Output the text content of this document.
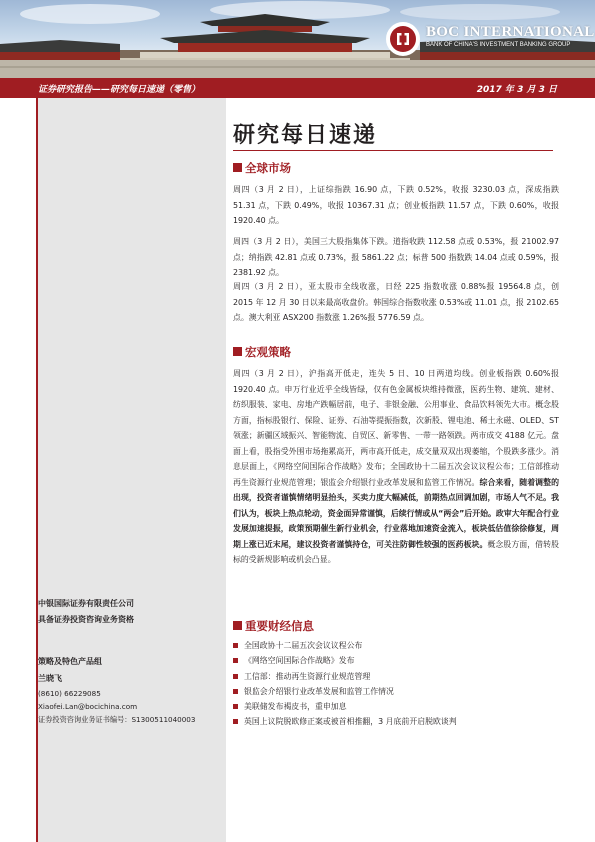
BOC INTERNATIONAL
BANK OF CHINA'S INVESTMENT BANKING GROUP
证券研究报告——研究每日速递（零售）	2017 年 3 月 3 日
中银国际证券有限责任公司
具备证券投资咨询业务资格
策略及特色产品组
兰晓飞
(8610) 66229085
Xiaofei.Lan@bocichina.com
证券投资咨询业务证书编号：S1300511040003
研究每日速递
全球市场

周四（3 月 2 日），上证综指跌 16.90 点，下跌 0.52%，收报 3230.03 点，深成指跌 51.31 点，下跌 0.49%，收报 10367.31 点；创业板指跌 11.57 点，下跌 0.60%，收报 1920.40 点。

周四（3 月 2 日），美国三大股指集体下跌。道指收跌 112.58 点或 0.53%，报 21002.97 点；纳指跌 42.81 点或 0.73%，报 5861.22 点；标普 500 指数跌 14.04 点或 0.59%，报 2381.92 点。

周四（3 月 2 日），亚太股市全线收涨，日经 225 指数收涨 0.88%报 19564.8 点，创 2015 年 12 月 30 日以来最高收盘价。韩国综合指数收涨 0.53%或 11.01 点，报 2102.65 点。澳大利亚 ASX200 指数涨 1.26%报 5776.59 点。

宏观策略

周四（3 月 2 日），沪指高开低走，连失 5 日、10 日两道均线。创业板指跌 0.60%报 1920.40 点。申万行业近乎全线皆绿，仅有色金属板块维持微涨，医药生物、建筑、建材、纺织服装、家电、房地产跌幅居前，电子、非银金融、公用事业、食品饮料领先大市。概念股方面，指标股银行、保险、证券、石油等提振指数，次新股、锂电池、稀土永磁、OLED、ST 领涨；新疆区域振兴、智能物流、自贸区、新零售、一带一路领跌。两市成交 4188 亿元。盘面上看，股指受外围市场拖累高开，两市高开低走，成交量双双出现萎缩，个股跌多涨少。消息层面上，《网络空间国际合作战略》发布；全国政协十二届五次会议议程公布；工信部推动再生资源行业规范管理；银监会介绍银行业改革发展和监管工作情况。综合来看，随着调整的出现，投资者谨慎情绪明显抬头，买卖力度大幅减低，前期热点回调加剧，市场人气不足。我们认为，板块上热点轮动，资金面异常谨慎，后续行情或从“两会”后开始。政审大年配合行业发展加速提振，政策预期催生新行业机会，行业落地加速资金流入，板块低估值徐徐修复，周期上涨已近末尾，建议投资者谨慎持仓，可关注防御性较强的医药板块。概念股方面，借转股标的受新规影响或机会凸显。

重要财经信息
全国政协十二届五次会议议程公布
《网络空间国际合作战略》发布
工信部：推动再生资源行业规范管理
银监会介绍银行业改革发展和监管工作情况
美联储发布褐皮书，重申加息
英国上议院脱欧修正案或被首相推翻，3 月底前开启脱欧谈判
